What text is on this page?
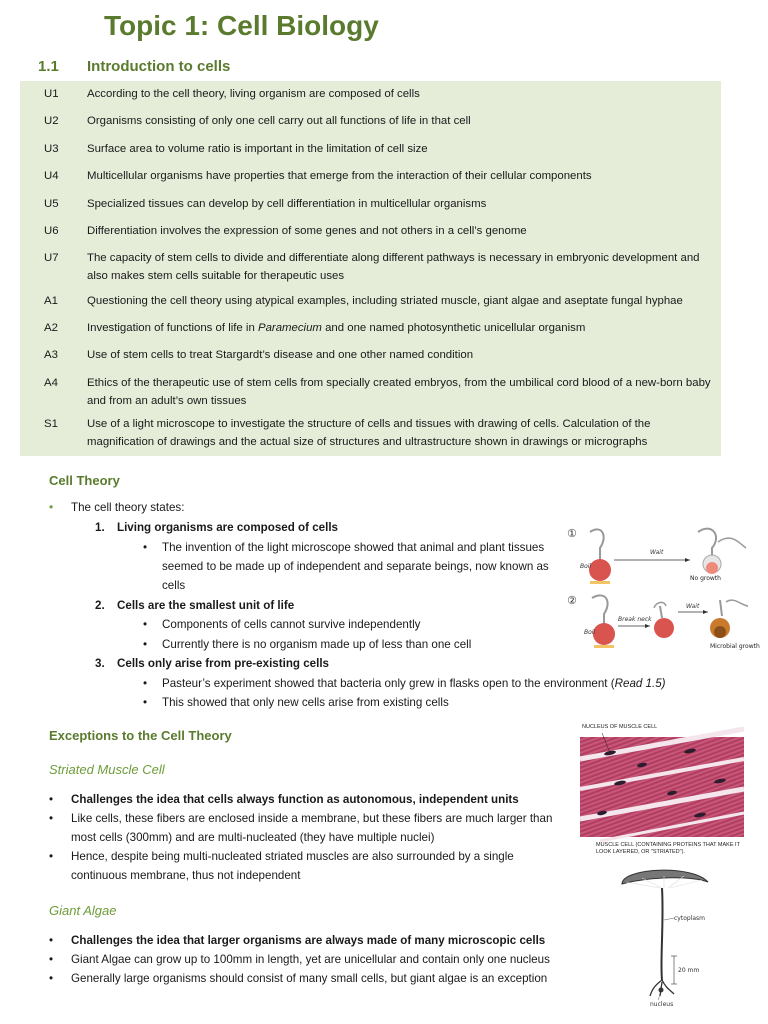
Topic 1: Cell Biology
1.1 Introduction to cells
U1 According to the cell theory, living organism are composed of cells
U2 Organisms consisting of only one cell carry out all functions of life in that cell
U3 Surface area to volume ratio is important in the limitation of cell size
U4 Multicellular organisms have properties that emerge from the interaction of their cellular components
U5 Specialized tissues can develop by cell differentiation in multicellular organisms
U6 Differentiation involves the expression of some genes and not others in a cell’s genome
U7 The capacity of stem cells to divide and differentiate along different pathways is necessary in embryonic development and also makes stem cells suitable for therapeutic uses
A1	Questioning the cell theory using atypical examples, including striated muscle, giant algae and aseptate fungal hyphae
A2	Investigation of functions of life in Paramecium and one named photosynthetic unicellular organism
A3	Use of stem cells to treat Stargardt’s disease and one other named condition
A4	Ethics of the therapeutic use of stem cells from specially created embryos, from the umbilical cord blood of a new-born baby and from an adult’s own tissues
S1	Use of a light microscope to investigate the structure of cells and tissues with drawing of cells. Calculation of the magnification of drawings and the actual size of structures and ultrastructure shown in drawings or micrographs
Cell Theory
• The cell theory states:
1. Living organisms are composed of cells
• The invention of the light microscope showed that animal and plant tissues seemed to be made up of independent and separate beings, now known as cells
2. Cells are the smallest unit of life
• Components of cells cannot survive independently
• Currently there is no organism made up of less than one cell
3. Cells only arise from pre-existing cells
• Pasteur’s experiment showed that bacteria only grew in flasks open to the environment (Read 1.5)
• This showed that only new cells arise from existing cells
①
Boil
Wait
No growth
②
Boil
Break neck
Wait
Microbial growth
Exceptions to the Cell Theory
Striated Muscle Cell
• Challenges the idea that cells always function as autonomous, independent units
• Like cells, these fibers are enclosed inside a membrane, but these fibers are much larger than most cells (300mm) and are multi-nucleated (they have multiple nuclei)
• Hence, despite being multi-nucleated striated muscles are also surrounded by a single continuous membrane, thus not independent
Giant Algae
• Challenges the idea that larger organisms are always made of many microscopic cells
• Giant Algae can grow up to 100mm in length, yet are unicellular and contain only one nucleus
• Generally large organisms should consist of many small cells, but giant algae is an exception
NUCLEUS OF MUSCLE CELL
MUSCLE CELL (CONTAINING PROTEINS THAT MAKE IT LOOK LAYERED, OR "STRIATED").
cytoplasm
20 mm
nucleus
